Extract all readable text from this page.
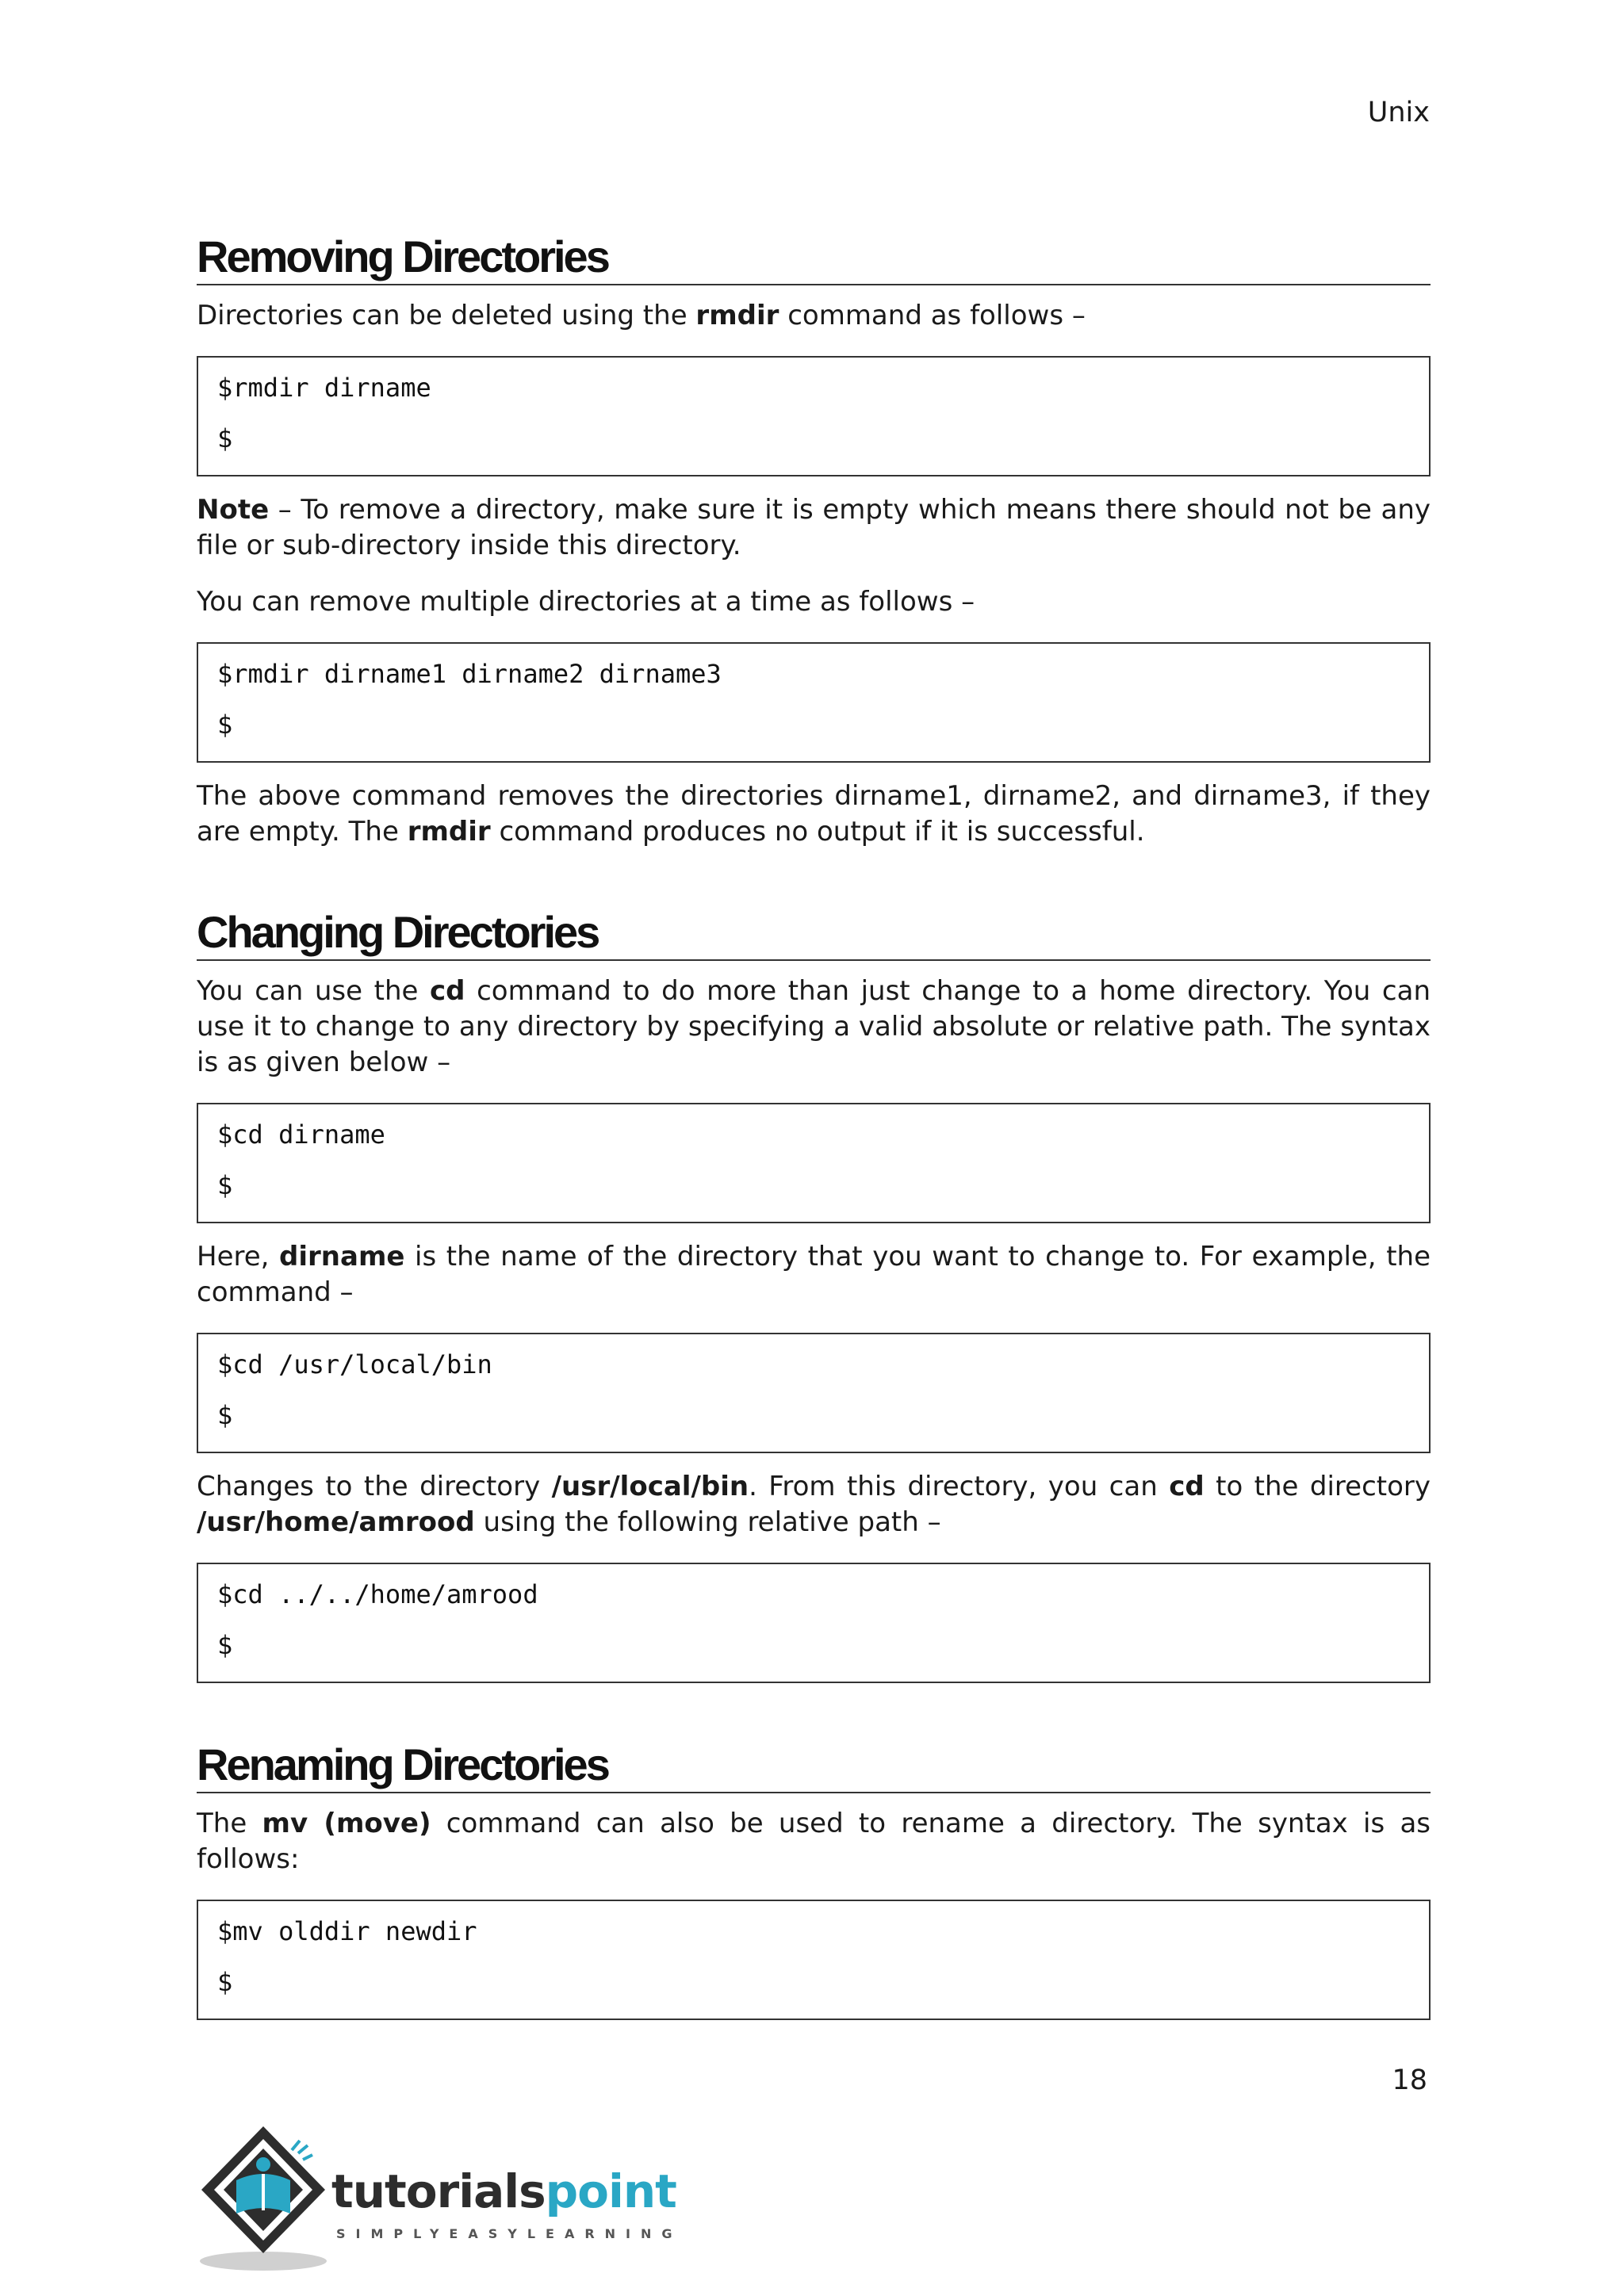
Unix
Removing Directories

Directories can be deleted using the rmdir command as follows –

$rmdir dirname
$

Note – To remove a directory, make sure it is empty which means there should not be any file or sub-directory inside this directory.

You can remove multiple directories at a time as follows –

$rmdir dirname1 dirname2 dirname3
$

The above command removes the directories dirname1, dirname2, and dirname3, if they are empty. The rmdir command produces no output if it is successful.

Changing Directories

You can use the cd command to do more than just change to a home directory. You can use it to change to any directory by specifying a valid absolute or relative path. The syntax is as given below –

$cd dirname
$

Here, dirname is the name of the directory that you want to change to. For example, the command –

$cd /usr/local/bin
$

Changes to the directory /usr/local/bin. From this directory, you can cd to the directory /usr/home/amrood using the following relative path –

$cd ../../home/amrood
$
Renaming Directories

The mv (move) command can also be used to rename a directory. The syntax is as follows:

$mv olddir newdir
$
18
tutorialspoint
SIMPLYEASYLEARNING
